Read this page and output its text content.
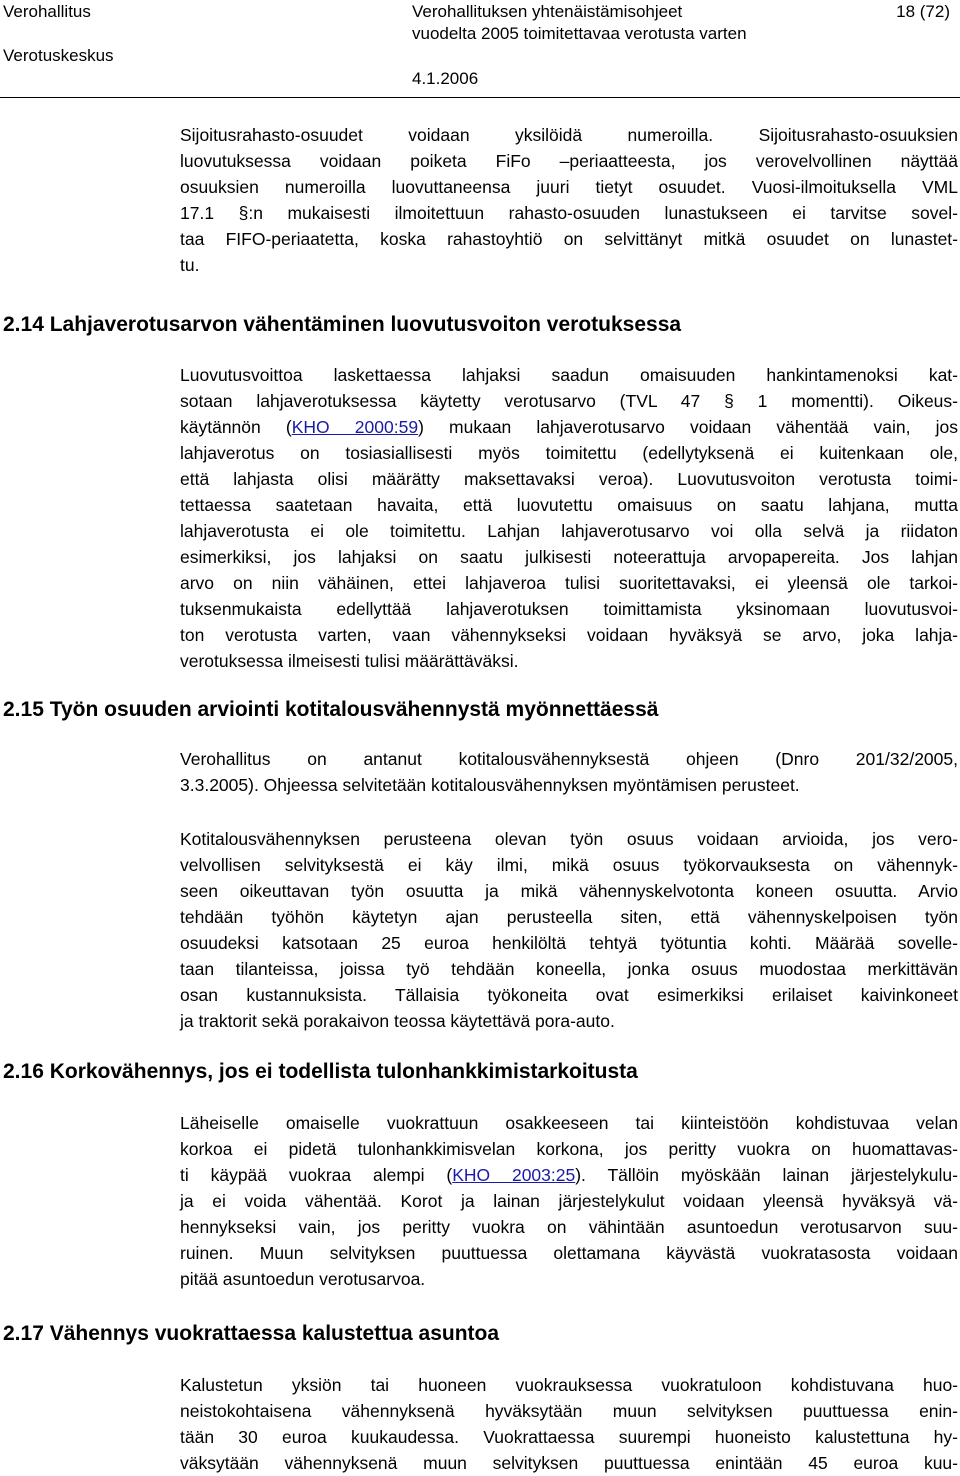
Verohallitus
Verotuskeskus
Verohallituksen yhtenäistämisohjeet
vuodelta 2005 toimitettavaa verotusta varten
4.1.2006
18 (72)
Sijoitusrahasto-osuudet voidaan yksilöidä numeroilla. Sijoitusrahasto-osuuksien
luovutuksessa voidaan poiketa FiFo –periaatteesta, jos verovelvollinen näyttää
osuuksien numeroilla luovuttaneensa juuri tietyt osuudet. Vuosi-ilmoituksella VML
17.1 §:n mukaisesti ilmoitettuun rahasto-osuuden lunastukseen ei tarvitse sovel-
taa FIFO-periaatetta, koska rahastoyhtiö on selvittänyt mitkä osuudet on lunastet-
tu.
2.14 Lahjaverotusarvon vähentäminen luovutusvoiton verotuksessa
Luovutusvoittoa laskettaessa lahjaksi saadun omaisuuden hankintamenoksi kat-
sotaan lahjaverotuksessa käytetty verotusarvo (TVL 47 § 1 momentti). Oikeus-
käytännön (KHO 2000:59) mukaan lahjaverotusarvo voidaan vähentää vain, jos
lahjaverotus on tosiasiallisesti myös toimitettu (edellytyksenä ei kuitenkaan ole,
että lahjasta olisi määrätty maksettavaksi veroa). Luovutusvoiton verotusta toimi-
tettaessa saatetaan havaita, että luovutettu omaisuus on saatu lahjana, mutta
lahjaverotusta ei ole toimitettu. Lahjan lahjaverotusarvo voi olla selvä ja riidaton
esimerkiksi, jos lahjaksi on saatu julkisesti noteerattuja arvopapereita. Jos lahjan
arvo on niin vähäinen, ettei lahjaveroa tulisi suoritettavaksi, ei yleensä ole tarkoi-
tuksenmukaista edellyttää lahjaverotuksen toimittamista yksinomaan luovutusvoi-
ton verotusta varten, vaan vähennykseksi voidaan hyväksyä se arvo, joka lahja-
verotuksessa ilmeisesti tulisi määrättäväksi.
2.15 Työn osuuden arviointi kotitalousvähennystä myönnettäessä
Verohallitus on antanut kotitalousvähennyksestä ohjeen (Dnro 201/32/2005,
3.3.2005). Ohjeessa selvitetään kotitalousvähennyksen myöntämisen perusteet.
Kotitalousvähennyksen perusteena olevan työn osuus voidaan arvioida, jos vero-
velvollisen selvityksestä ei käy ilmi, mikä osuus työkorvauksesta on vähennyk-
seen oikeuttavan työn osuutta ja mikä vähennyskelvotonta koneen osuutta. Arvio
tehdään työhön käytetyn ajan perusteella siten, että vähennyskelpoisen työn
osuudeksi katsotaan 25 euroa henkilöltä tehtyä työtuntia kohti. Määrää sovelle-
taan tilanteissa, joissa työ tehdään koneella, jonka osuus muodostaa merkittävän
osan kustannuksista. Tällaisia työkoneita ovat esimerkiksi erilaiset kaivinkoneet
ja traktorit sekä porakaivon teossa käytettävä pora-auto.
2.16 Korkovähennys, jos ei todellista tulonhankkimistarkoitusta
Läheiselle omaiselle vuokrattuun osakkeeseen tai kiinteistöön kohdistuvaa velan
korkoa ei pidetä tulonhankkimisvelan korkona, jos peritty vuokra on huomattavas-
ti käypää vuokraa alempi (KHO 2003:25). Tällöin myöskään lainan järjestelykulu-
ja ei voida vähentää. Korot ja lainan järjestelykulut voidaan yleensä hyväksyä vä-
hennykseksi vain, jos peritty vuokra on vähintään asuntoedun verotusarvon suu-
ruinen. Muun selvityksen puuttuessa olettamana käyvästä vuokratasosta voidaan
pitää asuntoedun verotusarvoa.
2.17 Vähennys vuokrattaessa kalustettua asuntoa
Kalustetun yksiön tai huoneen vuokrauksessa vuokratuloon kohdistuvana huo-
neistokohtaisena vähennyksenä hyväksytään muun selvityksen puuttuessa enin-
tään 30 euroa kuukaudessa. Vuokrattaessa suurempi huoneisto kalustettuna hy-
väksytään vähennyksenä muun selvityksen puuttuessa enintään 45 euroa kuu-
